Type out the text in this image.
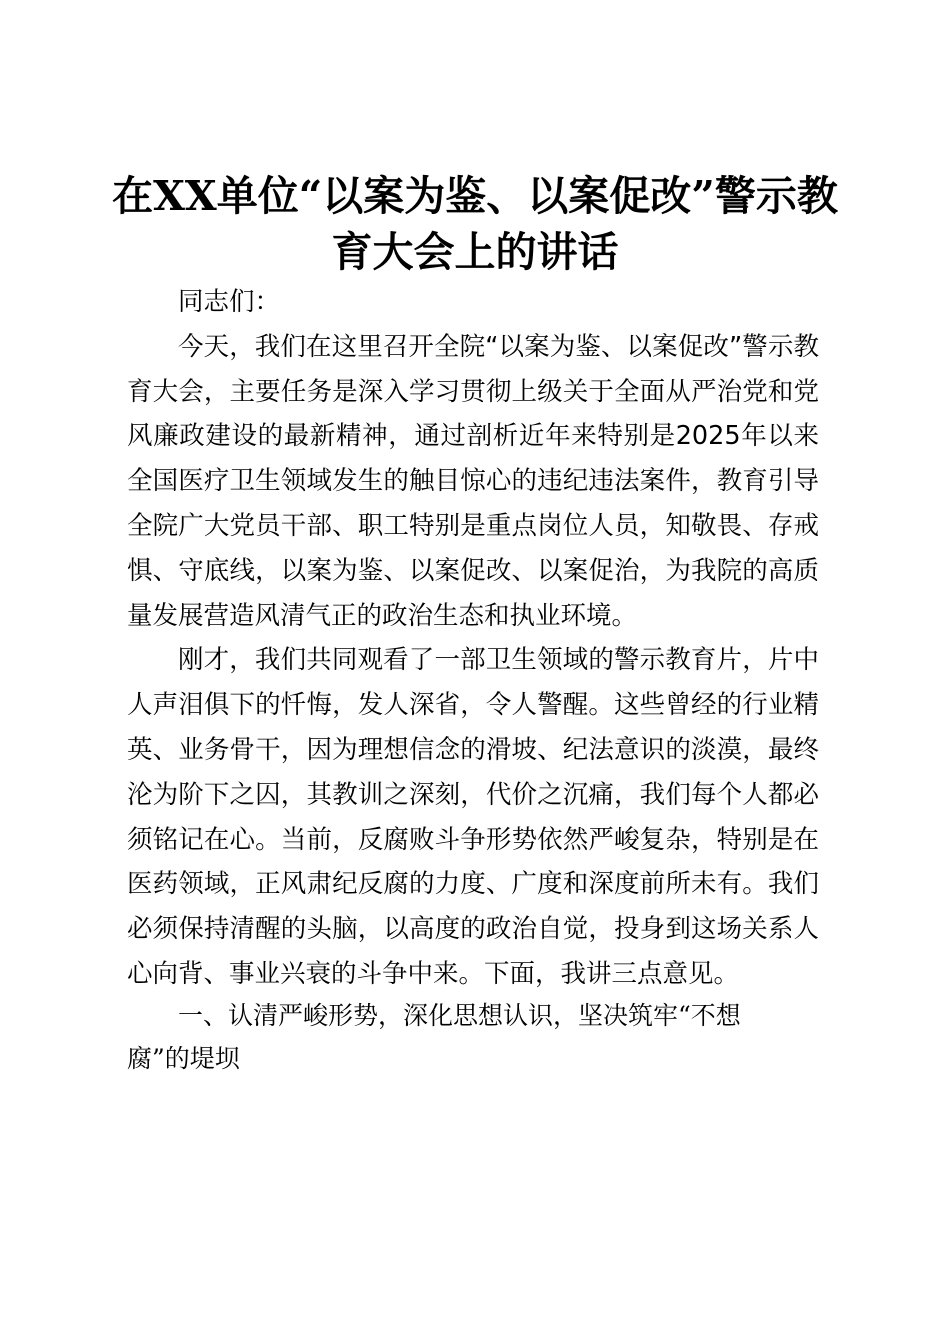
在XX单位“以案为鉴、以案促改”警示教育大会上的讲话

同志们：

今天，我们在这里召开全院“以案为鉴、以案促改”警示教育大会，主要任务是深入学习贯彻上级关于全面从严治党和党风廉政建设的最新精神，通过剖析近年来特别是2025年以来全国医疗卫生领域发生的触目惊心的违纪违法案件，教育引导全院广大党员干部、职工特别是重点岗位人员，知敬畏、存戒惧、守底线，以案为鉴、以案促改、以案促治，为我院的高质量发展营造风清气正的政治生态和执业环境。

刚才，我们共同观看了一部卫生领域的警示教育片，片中人声泪俱下的忏悔，发人深省，令人警醒。这些曾经的行业精英、业务骨干，因为理想信念的滑坡、纪法意识的淡漠，最终沦为阶下之囚，其教训之深刻，代价之沉痛，我们每个人都必须铭记在心。当前，反腐败斗争形势依然严峻复杂，特别是在医药领域，正风肃纪反腐的力度、广度和深度前所未有。我们必须保持清醒的头脑，以高度的政治自觉，投身到这场关系人心向背、事业兴衰的斗争中来。下面，我讲三点意见。

一、认清严峻形势，深化思想认识，坚决筑牢“不想腐”的堤坝
